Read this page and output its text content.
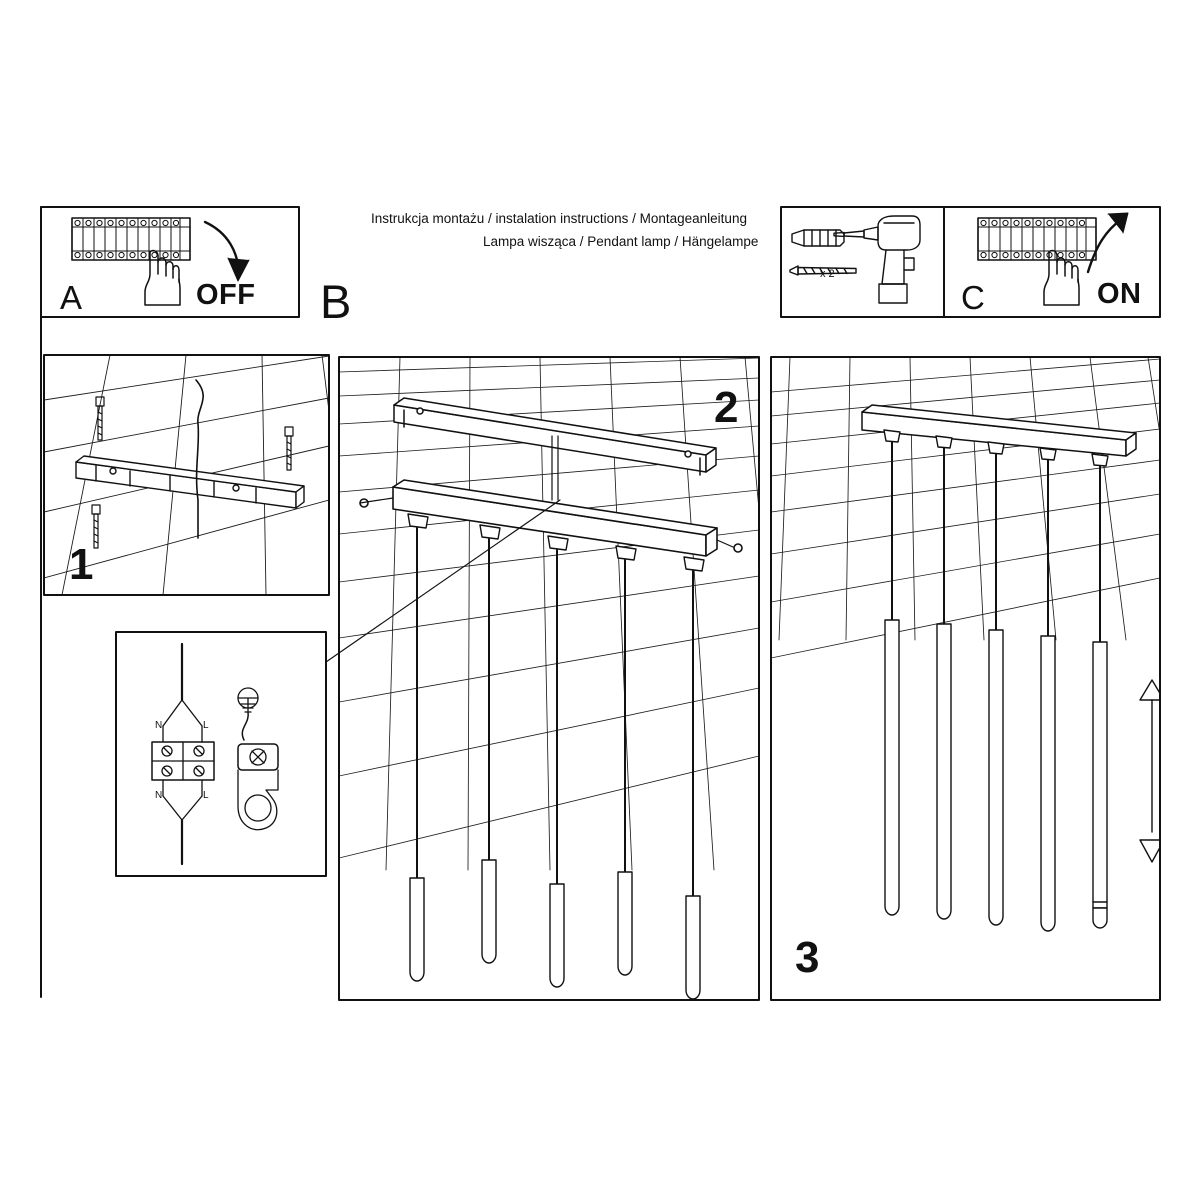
Instrukcja montażu / instalation instructions / Montageanleitung
Lampa wisząca / Pendant lamp / Hängelampe
A	OFF B	C	ON
x 2
1
2
3
N	L
N	L
